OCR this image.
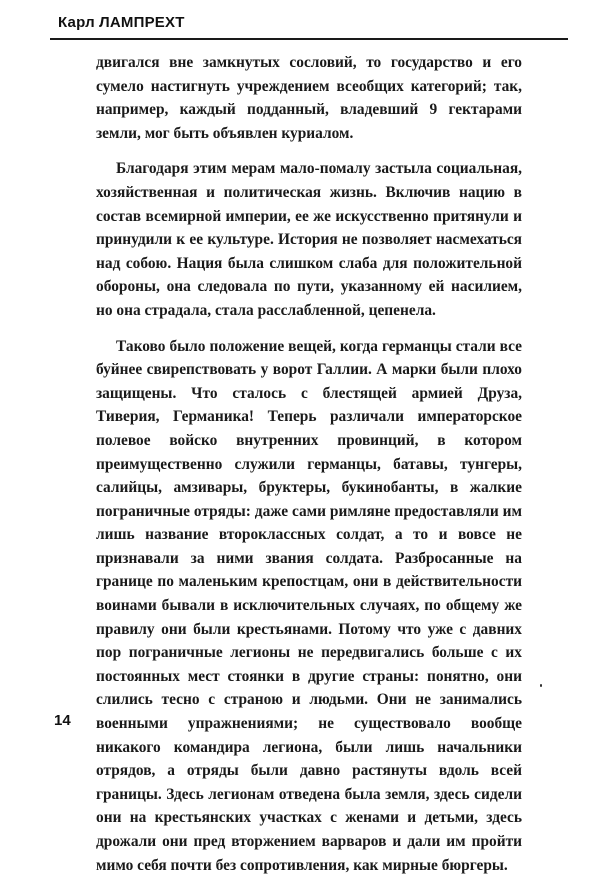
Карл ЛАМПРЕХТ

двигался вне замкнутых сословий, то государство и его сумело настигнуть учреждением всеобщих категорий; так, например, каждый подданный, владевший 9 гектарами земли, мог быть объявлен куриалом.

Благодаря этим мерам мало-помалу застыла социальная, хозяйственная и политическая жизнь. Включив нацию в состав всемирной империи, ее же искусственно притянули и принудили к ее культуре. История не позволяет насмехаться над собою. Нация была слишком слаба для положительной обороны, она следовала по пути, указанному ей насилием, но она страдала, стала расслабленной, цепенела.

Таково было положение вещей, когда германцы стали все буйнее свирепствовать у ворот Галлии. А марки были плохо защищены. Что сталось с блестящей армией Друза, Тиверия, Германика! Теперь различали императорское полевое войско внутренних провинций, в котором преимущественно служили германцы, батавы, тунгеры, салийцы, амзивары, бруктеры, букинобанты, в жалкие пограничные отряды: даже сами римляне предоставляли им лишь название второклассных солдат, а то и вовсе не признавали за ними звания солдата. Разбросанные на границе по маленьким крепостцам, они в действительности воинами бывали в исключительных случаях, по общему же правилу они были крестьянами. Потому что уже с давних пор пограничные легионы не передвигались больше с их постоянных мест стоянки в другие страны: понятно, они слились тесно с страною и людьми. Они не занимались военными упражнениями; не существовало вообще никакого командира легиона, были лишь начальники отрядов, а отряды были давно растянуты вдоль всей границы. Здесь легионам отведена была земля, здесь сидели они на крестьянских участках с женами и детьми, здесь дрожали они пред вторжением варваров и дали им пройти мимо себя почти без сопротивления, как мирные бюргеры.

14
